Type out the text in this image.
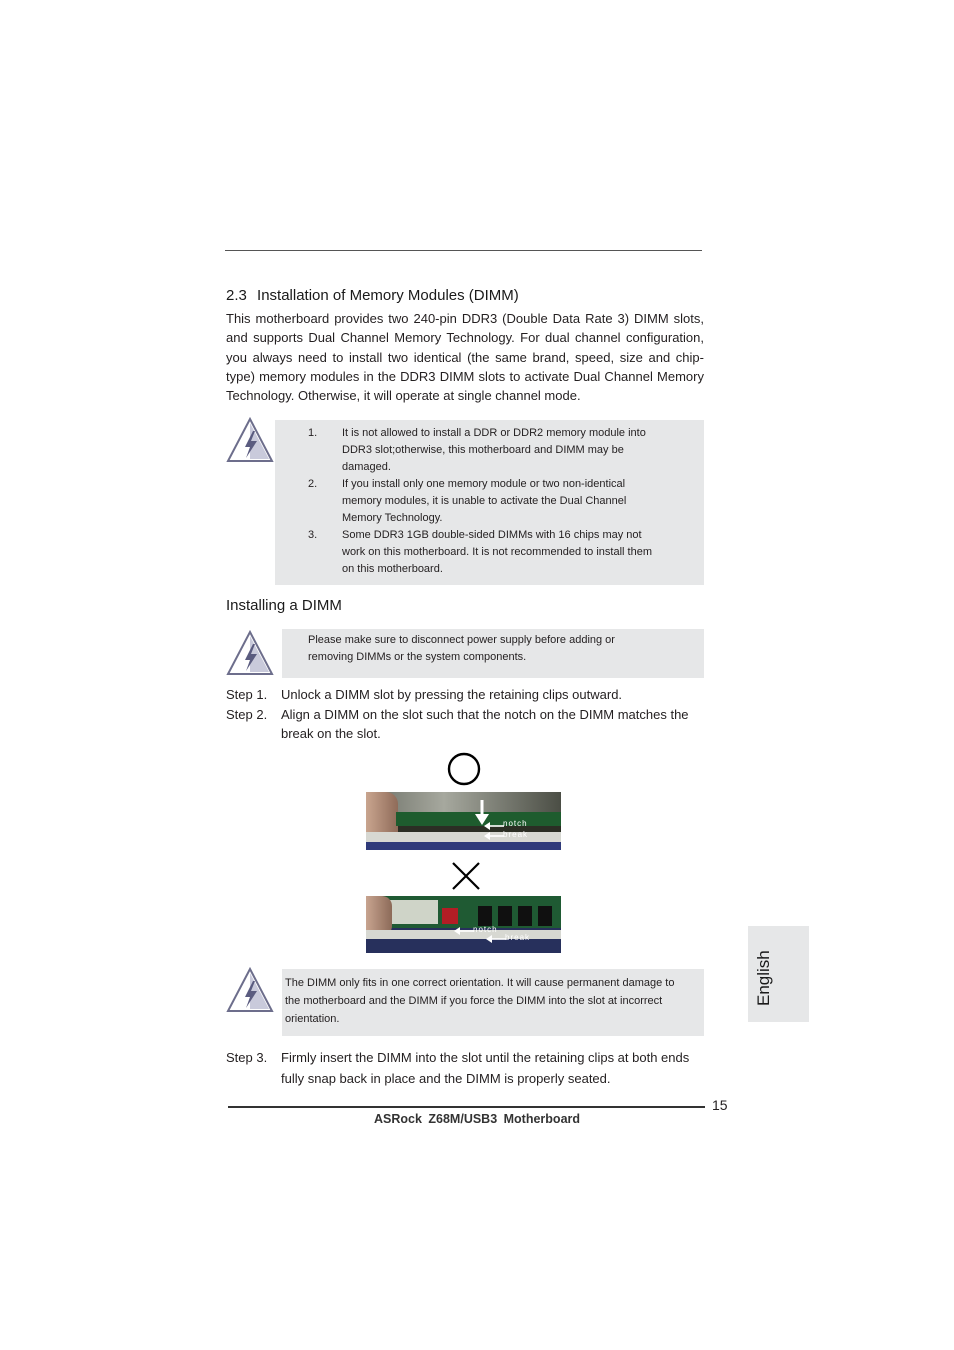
2.3 Installation of Memory Modules (DIMM)
This motherboard provides two 240-pin DDR3 (Double Data Rate 3) DIMM slots, and supports Dual Channel Memory Technology. For dual channel configuration, you always need to install two identical (the same brand, speed, size and chip-type) memory modules in the DDR3 DIMM slots to activate Dual Channel Memory Technology. Otherwise, it will operate at single channel mode.
1.	It is not allowed to install a DDR or DDR2 memory module into DDR3 slot;otherwise, this motherboard and DIMM may be damaged.
2.	If you install only one memory module or two non-identical memory modules, it is unable to activate the Dual Channel Memory Technology.
3.	Some DDR3 1GB double-sided DIMMs with 16 chips may not work on this motherboard. It is not recommended to install them on this motherboard.
Installing a DIMM
Please make sure to disconnect power supply before adding or removing DIMMs or the system components.
Step 1.	Unlock a DIMM slot by pressing the retaining clips outward.
Step 2.	Align a DIMM on the slot such that the notch on the DIMM matches the break on the slot.
notch
break
notch
break
The DIMM only fits in one correct orientation. It will cause permanent damage to the motherboard and the DIMM if you force the DIMM into the slot at incorrect orientation.
Step 3.	Firmly insert the DIMM into the slot until the retaining clips at both ends fully snap back in place and the DIMM is properly seated.
English
15
ASRock Z68M/USB3 Motherboard
